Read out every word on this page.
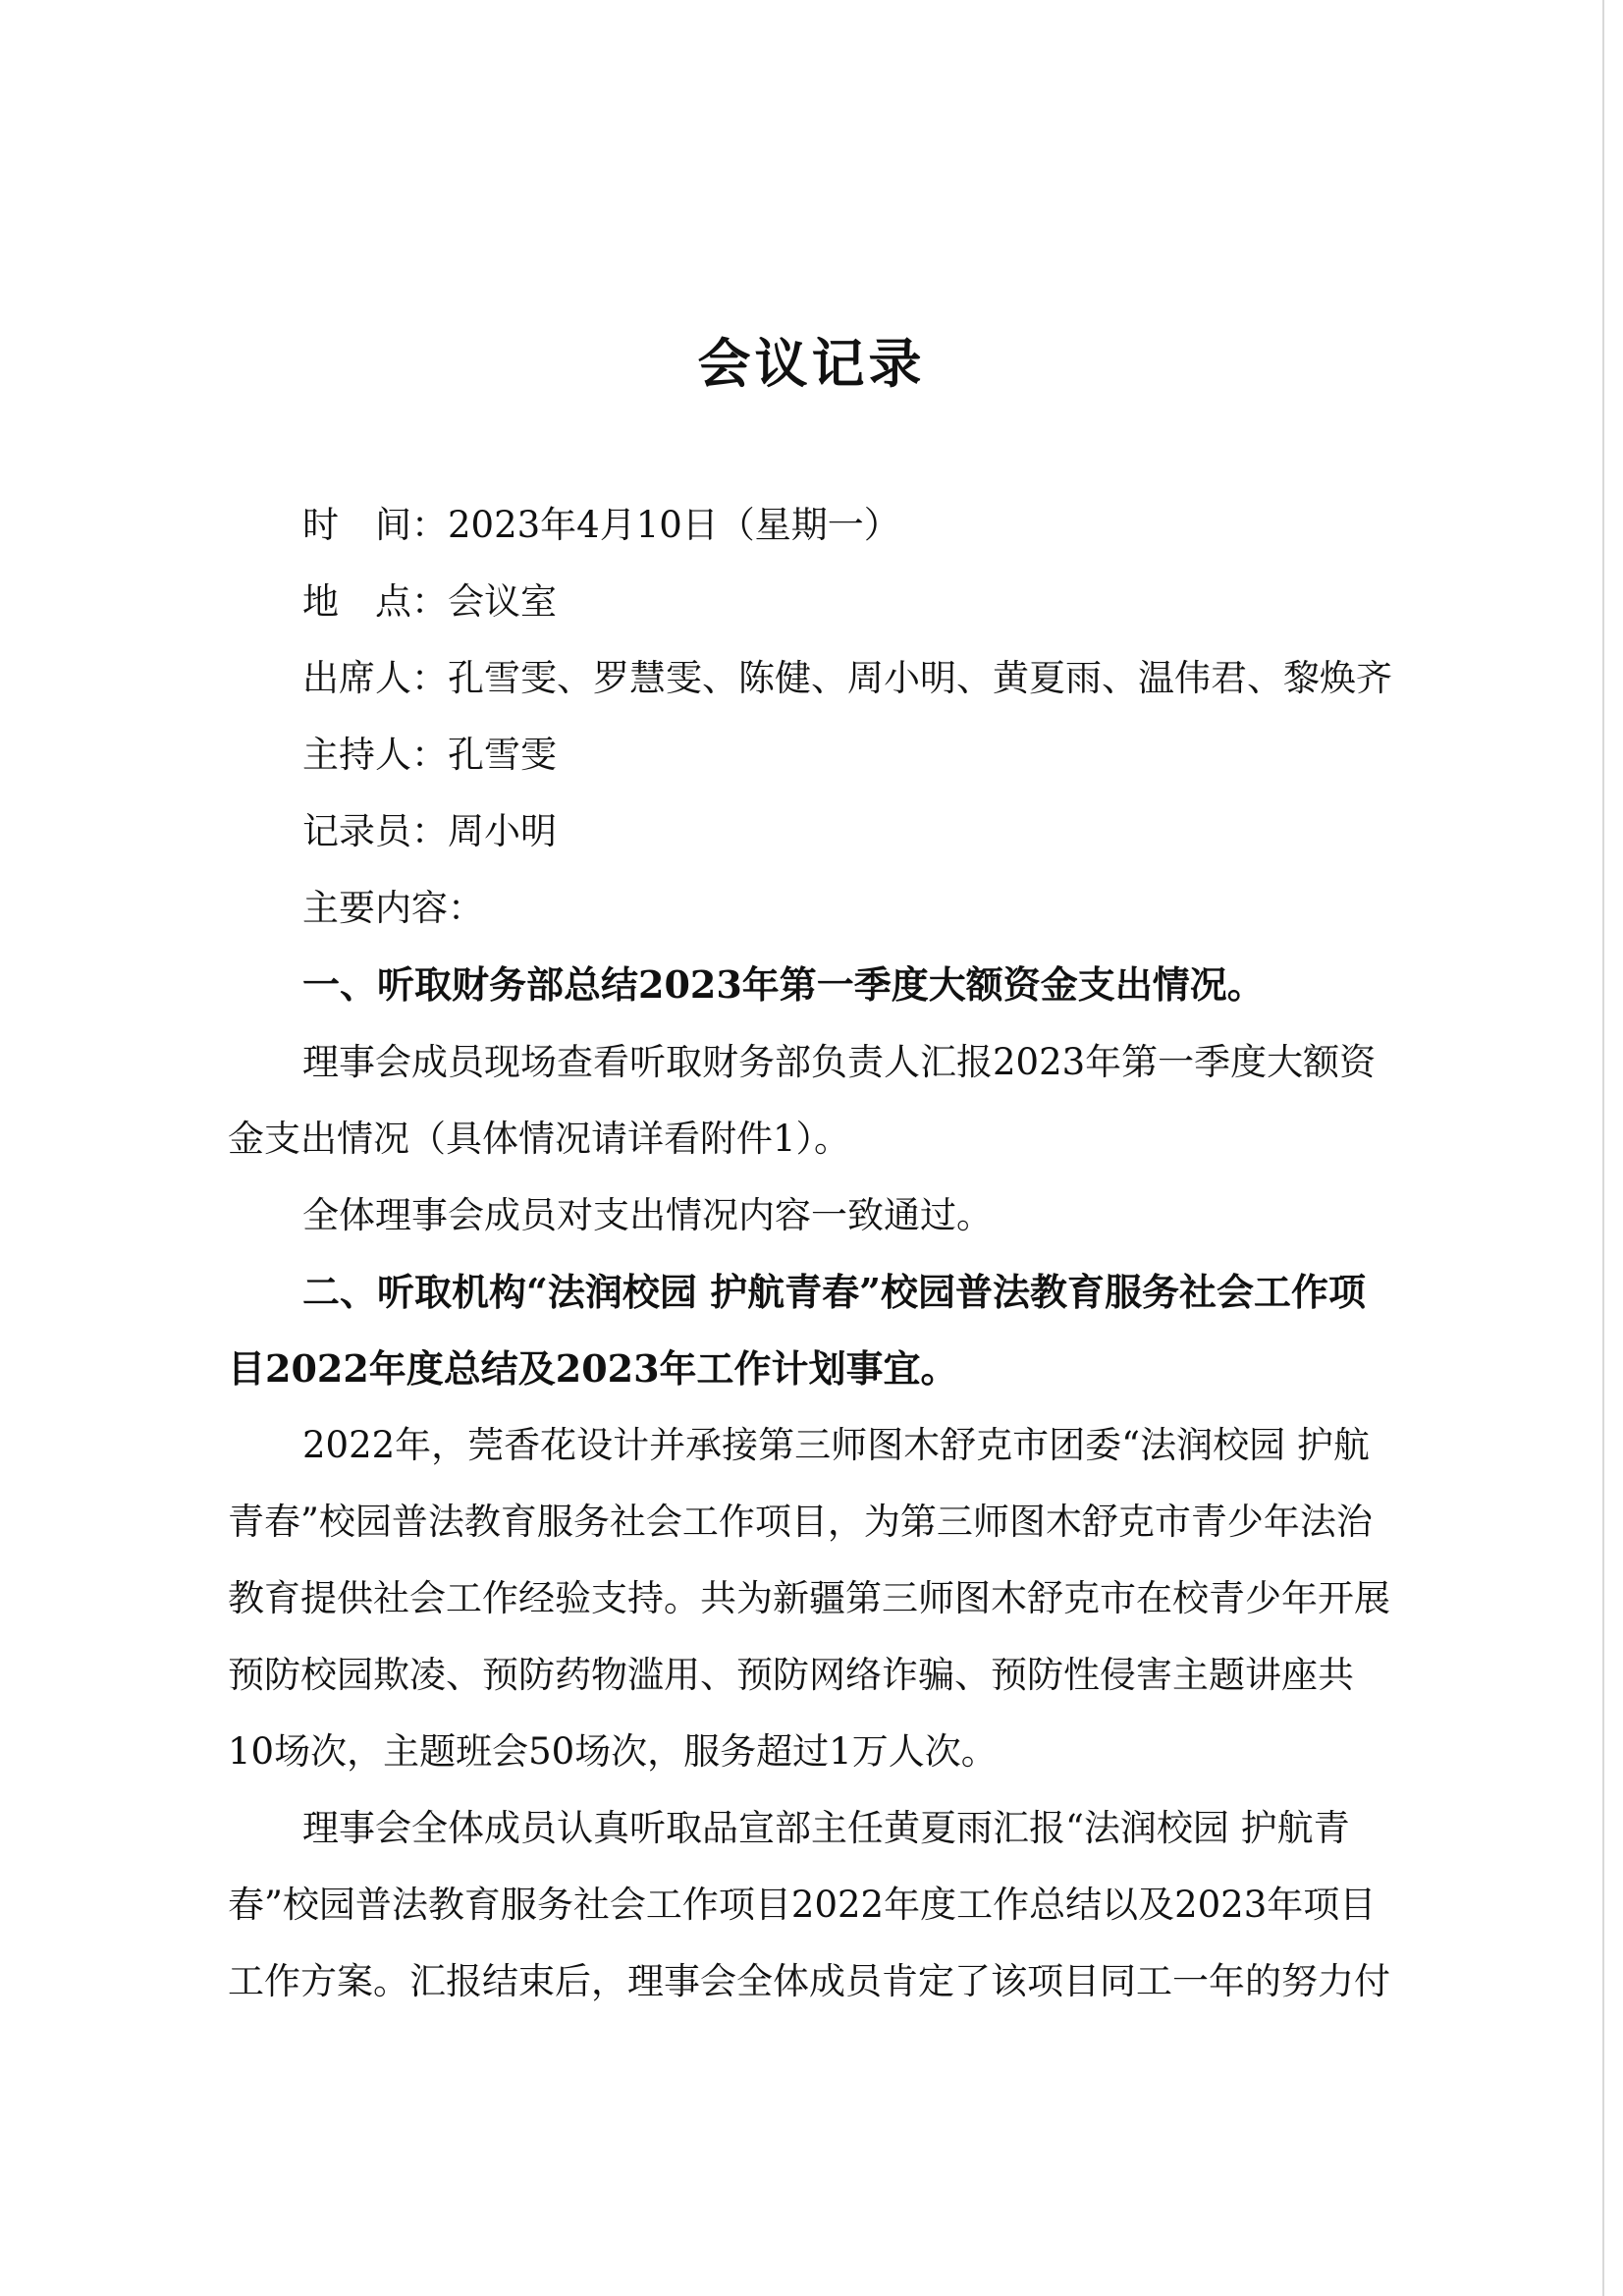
会议记录
时　间：2023年4月10日（星期一）
地　点：会议室
出席人：孔雪雯、罗慧雯、陈健、周小明、黄夏雨、温伟君、黎焕齐
主持人：孔雪雯
记录员：周小明
主要内容：
一、听取财务部总结2023年第一季度大额资金支出情况。
理事会成员现场查看听取财务部负责人汇报2023年第一季度大额资
金支出情况（具体情况请详看附件1）。
全体理事会成员对支出情况内容一致通过。
二、听取机构“法润校园 护航青春”校园普法教育服务社会工作项
目2022年度总结及2023年工作计划事宜。
2022年，莞香花设计并承接第三师图木舒克市团委“法润校园 护航
青春”校园普法教育服务社会工作项目，为第三师图木舒克市青少年法治
教育提供社会工作经验支持。共为新疆第三师图木舒克市在校青少年开展
预防校园欺凌、预防药物滥用、预防网络诈骗、预防性侵害主题讲座共
10场次，主题班会50场次，服务超过1万人次。
理事会全体成员认真听取品宣部主任黄夏雨汇报“法润校园 护航青
春”校园普法教育服务社会工作项目2022年度工作总结以及2023年项目
工作方案。汇报结束后，理事会全体成员肯定了该项目同工一年的努力付
